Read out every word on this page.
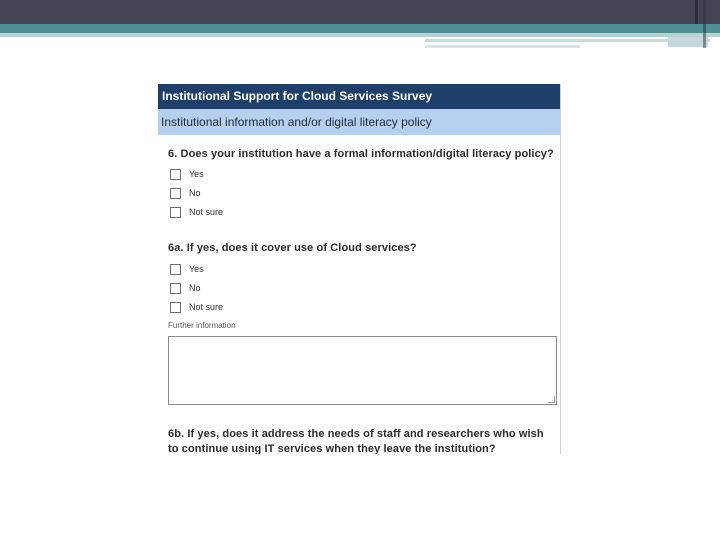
Institutional Support for Cloud Services Survey
Institutional information and/or digital literacy policy
6. Does your institution have a formal information/digital literacy policy?
Yes
No
Not sure
6a. If yes, does it cover use of Cloud services?
Yes
No
Not sure
Further information
6b. If yes, does it address the needs of staff and researchers who wish
to continue using IT services when they leave the institution?
